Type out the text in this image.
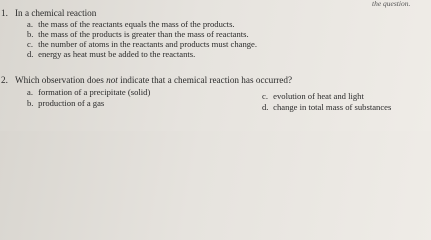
the question.
1. In a chemical reaction
a. the mass of the reactants equals the mass of the products.
b. the mass of the products is greater than the mass of reactants.
c. the number of atoms in the reactants and products must change.
d. energy as heat must be added to the reactants.
2. Which observation does not indicate that a chemical reaction has occurred?
a. formation of a precipitate (solid)
b. production of a gas
c. evolution of heat and light
d. change in total mass of substances
